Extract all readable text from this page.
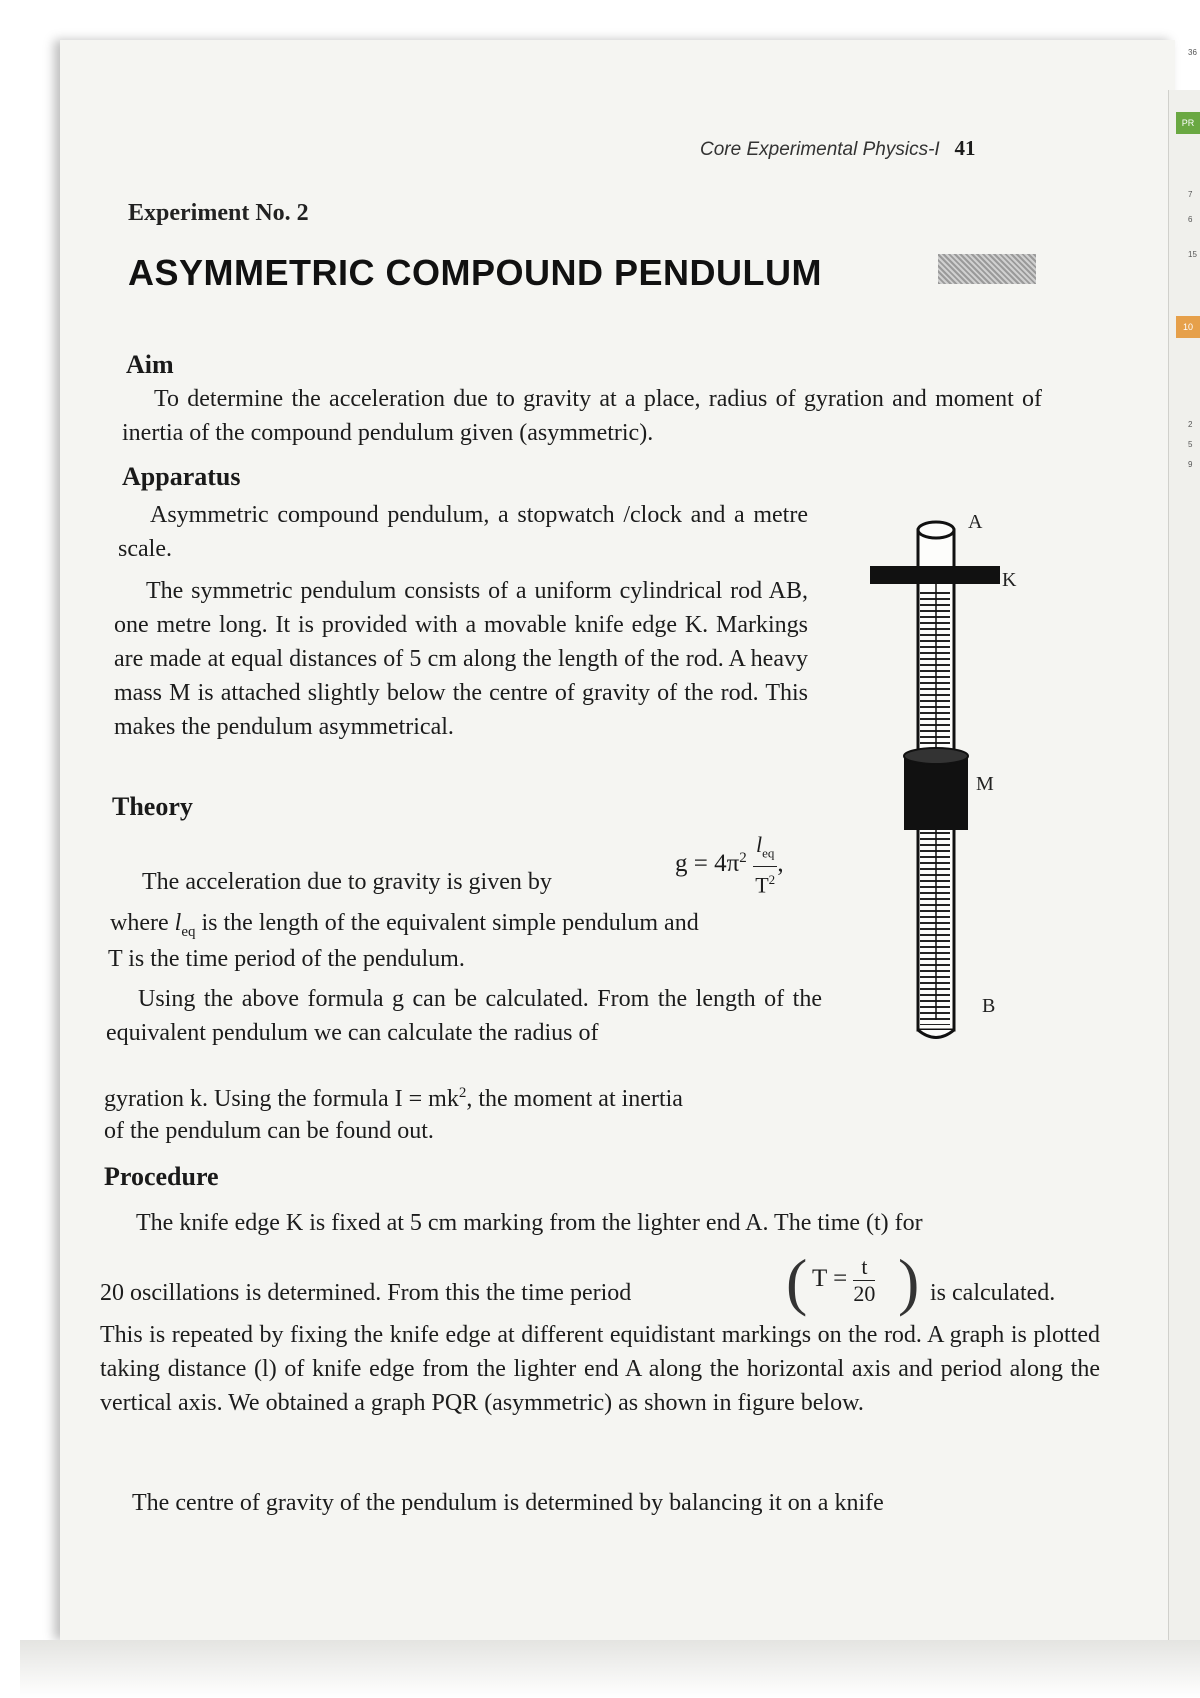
PR
10
36
7
6
15
2
5
9
Core Experimental Physics-I 41
Experiment No. 2
ASYMMETRIC COMPOUND PENDULUM
Aim
To determine the acceleration due to gravity at a place, radius of gyration and moment of inertia of the compound pendulum given (asymmetric).
Apparatus
Asymmetric compound pendulum, a stopwatch /clock and a metre scale.
The symmetric pendulum consists of a uniform cylindrical rod AB, one metre long. It is provided with a movable knife edge K. Markings are made at equal distances of 5 cm along the length of the rod. A heavy mass M is attached slightly below the centre of gravity of the rod. This makes the pendulum asymmetrical.
Theory
The acceleration due to gravity is given by
$g = 4\pi^2 \frac{l_{eq}}{T^2}$ ,
where $l_{eq}$ is the length of the equivalent simple pendulum and
T is the time period of the pendulum.
Using the above formula g can be calculated. From the length of the equivalent pendulum we can calculate the radius of
gyration k. Using the formula $I = mk^2$, the moment at inertia
of the pendulum can be found out.
Procedure
The knife edge K is fixed at 5 cm marking from the lighter end A. The time (t) for
20 oscillations is determined. From this the time period	( $T = \frac{t}{20}$ ) is calculated.
This is repeated by fixing the knife edge at different equidistant markings on the rod. A graph is plotted taking distance (l) of knife edge from the lighter end A along the horizontal axis and period along the vertical axis. We obtained a graph PQR (asymmetric) as shown in figure below.
The centre of gravity of the pendulum is determined by balancing it on a knife
A
K
M
B
